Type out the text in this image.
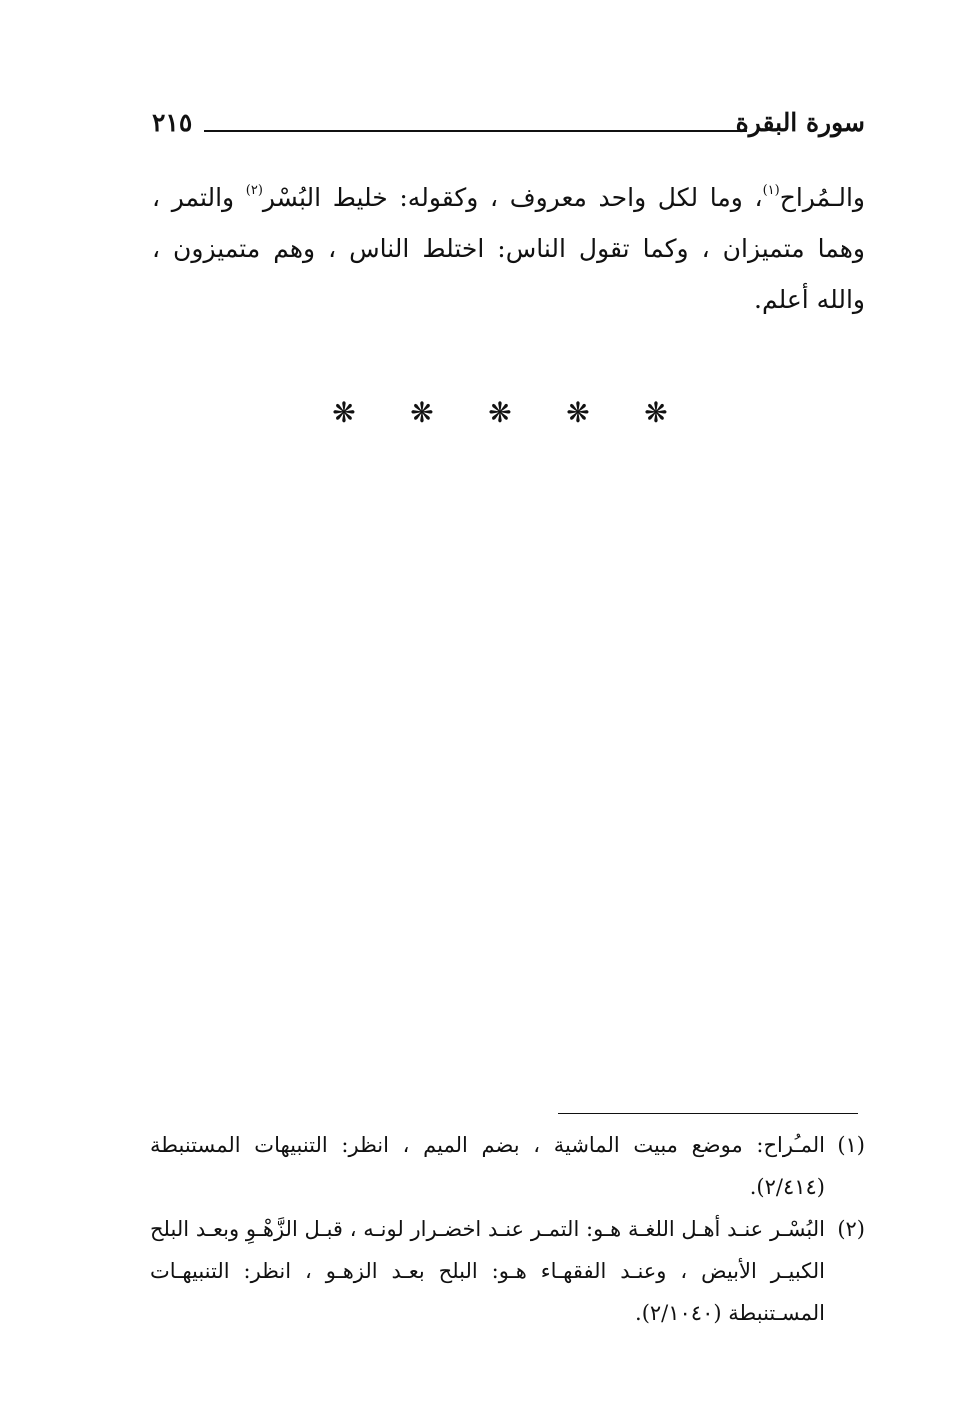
سورة البقرة
٢١٥

والـمُراح$^{(١)}$، وما لكل واحد معروف ، وكقوله: خليط البُسْر$^{(٢)}$ والتمر ، وهما متميزان ، وكما تقول الناس: اختلط الناس ، وهم متميزون ، والله أعلم.

❋ ❋ ❋ ❋ ❋
(١)
المـُراح: موضع مبيت الماشية ، بضم الميم ، انظر: التنبيهات المستنبطة (٢/٤١٤).
(٢)
البُسْـر عنـد أهـل اللغـة هـو: التمـر عنـد اخضـرار لونـه ، قبـل الزَّهْـوِ وبعـد البلح الكبيـر الأبيض ، وعنـد الفقهـاء هـو: البلح بعـد الزهـو ، انظر: التنبيهـات المسـتنبطة (٢/١٠٤٠).
